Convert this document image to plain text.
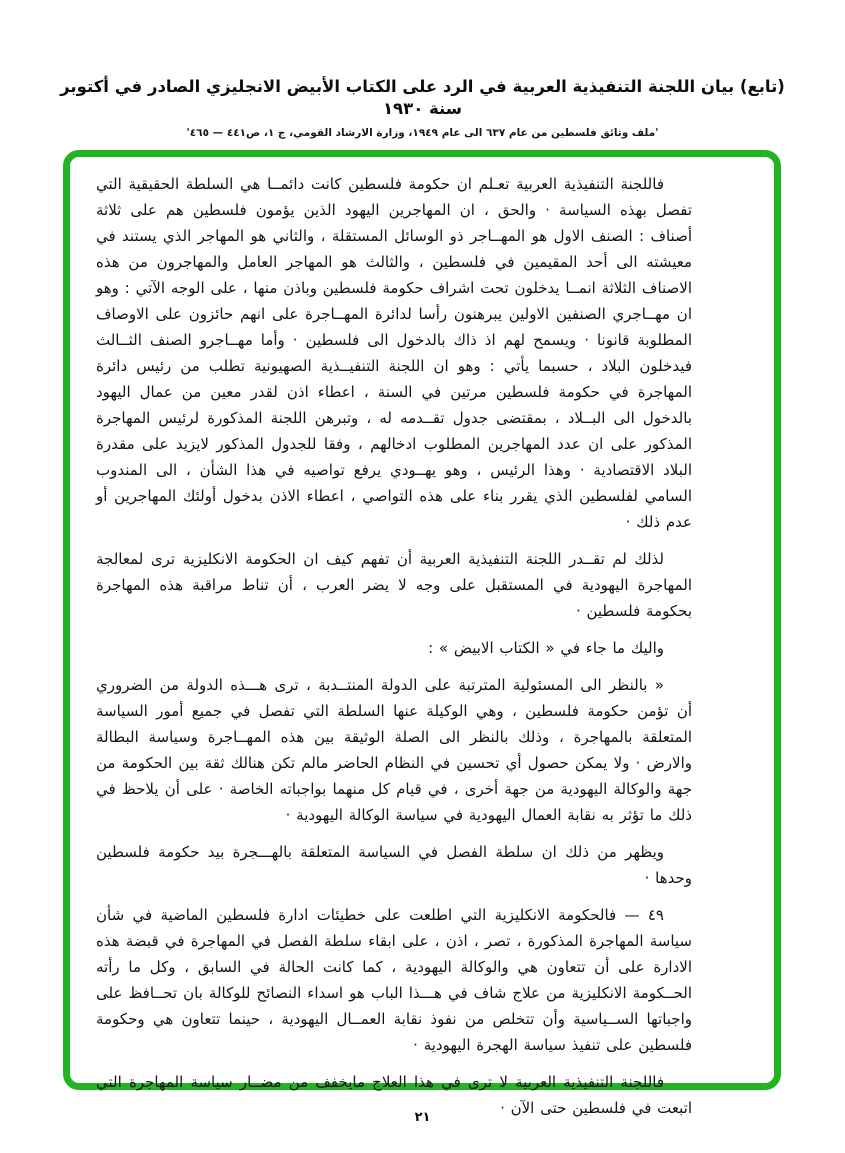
(تابع) بيان اللجنة التنفيذية العربية في الرد على الكتاب الأبيض الانجليزي الصادر في أكتوبر سنة ١٩٣٠
'ملف وثائق فلسطين من عام ٦٣٧ الى عام ١٩٤٩، وزارة الارشاد القومي، ج ١، ص٤٤١ — ٤٦٥'

فاللجنة التنفيذية العربية تعـلم ان حكومة فلسطين كانت دائمــا هي السلطة الحقيقية التي تفصل بهذه السياسة · والحق ، ان المهاجرين اليهود الذين يؤمون فلسطين هم على ثلاثة أصناف : الصنف الاول هو المهــاجر ذو الوسائل المستقلة ، والثاني هو المهاجر الذي يستند في معيشته الى أحد المقيمين في فلسطين ، والثالث هو المهاجر العامل والمهاجرون من هذه الاصناف الثلاثة انمــا يدخلون تحت اشراف حكومة فلسطين وباذن منها ، على الوجه الآتي : وهو ان مهــاجري الصنفين الاولين يبرهنون رأسا لدائرة المهــاجرة على انهم حائزون على الاوصاف المطلوبة قانونا · ويسمح لهم اذ ذاك بالدخول الى فلسطين · وأما مهــاجرو الصنف الثــالث فيدخلون البلاد ، حسبما يأتي : وهو ان اللجنة التنفيــذية الصهيونية تطلب من رئيس دائرة المهاجرة في حكومة فلسطين مرتين في السنة ، اعطاء اذن لقدر معين من عمال اليهود بالدخول الى البــلاد ، بمقتضى جدول تقــدمه له ، وتبرهن اللجنة المذكورة لرئيس المهاجرة المذكور على ان عدد المهاجرين المطلوب ادخالهم ، وفقا للجدول المذكور لايزيد على مقدرة البلاد الاقتصادية · وهذا الرئيس ، وهو يهــودي يرفع تواصيه في هذا الشأن ، الى المندوب السامي لفلسطين الذي يقرر بناء على هذه التواصي ، اعطاء الاذن بدخول أولئك المهاجرين أو عدم ذلك ·

لذلك لم تقــدر اللجنة التنفيذية العربية أن تفهم كيف ان الحكومة الانكليزية ترى لمعالجة المهاجرة اليهودية في المستقبل على وجه لا يضر العرب ، أن تناط مراقبة هذه المهاجرة بحكومة فلسطين ·

واليك ما جاء في « الكتاب الابيض » :

« بالنظر الى المسئولية المترتبة على الدولة المنتــدبة ، ترى هـــذه الدولة من الضروري أن تؤمن حكومة فلسطين ، وهي الوكيلة عنها السلطة التي تفصل في جميع أمور السياسة المتعلقة بالمهاجرة ، وذلك بالنظر الى الصلة الوثيقة بين هذه المهــاجرة وسياسة البطالة والارض · ولا يمكن حصول أي تحسين في النظام الحاضر مالم تكن هنالك ثقة بين الحكومة من جهة والوكالة اليهودية من جهة أخرى ، في قيام كل منهما بواجباته الخاصة · على أن يلاحظ في ذلك ما تؤثر به نقابة العمال اليهودية في سياسة الوكالة اليهودية ·

ويظهر من ذلك ان سلطة الفصل في السياسة المتعلقة بالهـــجرة بيد حكومة فلسطين وحدها ·

٤٩ — فالحكومة الانكليزية التي اطلعت على خطيئات ادارة فلسطين الماضية في شأن سياسة المهاجرة المذكورة ، تصر ، اذن ، على ابقاء سلطة الفصل في المهاجرة في قبضة هذه الادارة على أن تتعاون هي والوكالة اليهودية ، كما كانت الحالة في السابق ، وكل ما رأته الحــكومة الانكليزية من علاج شاف في هـــذا الباب هو اسداء النصائح للوكالة بان تحــافظ على واجباتها الســياسية وأن تتخلص من نفوذ نقابة العمــال اليهودية ، حينما تتعاون هي وحكومة فلسطين على تنفيذ سياسة الهجرة اليهودية ·

فاللجنة التنفيذية العربية لا ترى في هذا العلاج مايخفف من مضــار سياسة المهاجرة التي اتبعت في فلسطين حتى الآن ·

٢١
